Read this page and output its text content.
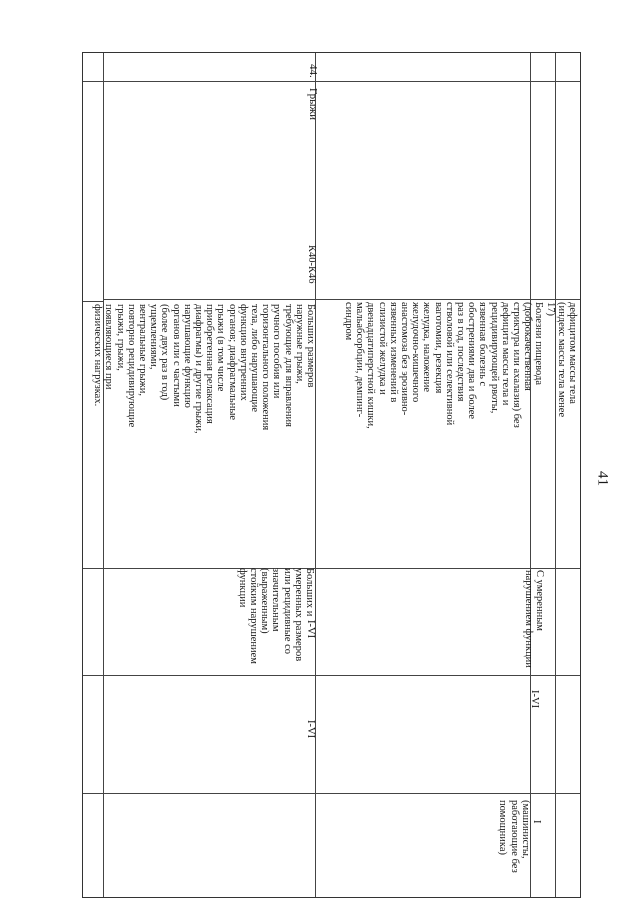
41
дефицитом массы тела
(индекс массы тела менее
17)
Болезни пищевода
(доброкачественная
стриктура или ахалазия) без
дефицита массы тела и
рецидивирующей рвоты,
язвенная болезнь с
обострениями два и более
раз в год, последствия
стволовой или селективной
ваготомии, резекция
желудка, наложение
желудочно-кишечного
анастомоза без эрозивно-
язвенных изменений в
слизистой желудка и
двенадцатиперстной кишки,
мальабсорбции, демпинг-
синдром
С умеренным
нарушением функции
I-VI
I
(машинисты,
работающие без
помощника)
44.
Грыжи
К40-К46
Больших размеров
наружные грыжи,
требующие для вправления
ручного пособия или
горизонтального положения
тела, либо нарушающие
функцию внутренних
органов; диафрагмальные
грыжи (в том числе
приобретенная релаксация
диафрагмы) и другие грыжи,
нарушающие функцию
органов или с частыми
(более двух раз в год)
ущемлениями,
вентральные грыжи,
повторно рецидивирующие
грыжи, грыжи,
появляющиеся при
физических нагрузках.
Больших и
умеренных размеров
или рецидивные со
значительным
(выраженным)
стойким нарушением
функции
I-VI
I-VI
